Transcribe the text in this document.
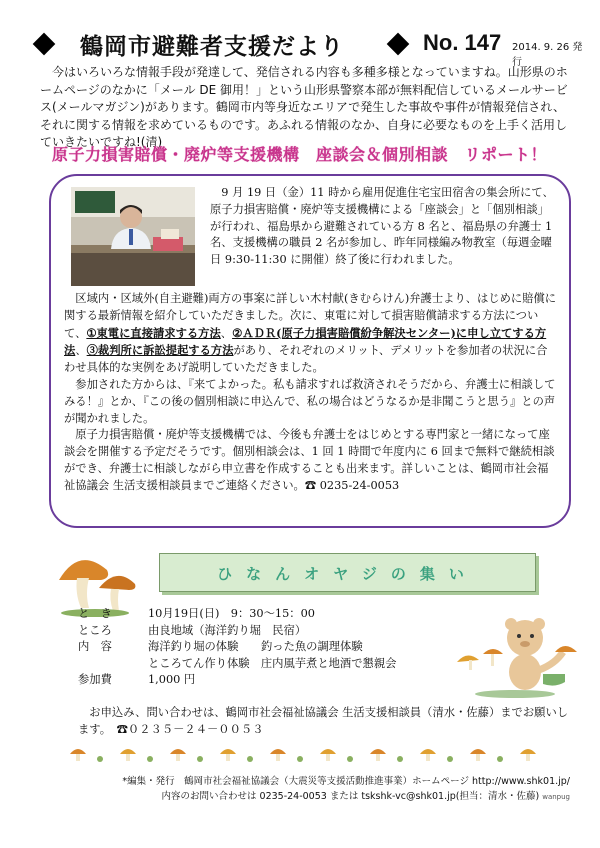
鶴岡市避難者支援だより	No. 147 2014. 9. 26 発行
今はいろいろな情報手段が発達して、発信される内容も多種多様となっていますね。山形県のホームページのなかに「メール DE 御用！」という山形県警察本部が無料配信しているメールサービス(メールマガジン)があります。鶴岡市内等身近なエリアで発生した事故や事件が情報発信され、それに関する情報を求めているものです。あふれる情報のなか、自身に必要なものを上手く活用していきたいですね!(清)
原子力損害賠償・廃炉等支援機構　座談会＆個別相談　リポート！
9 月 19 日（金）11 時から雇用促進住宅宝田宿舎の集会所にて、原子力損害賠償・廃炉等支援機構による「座談会」と「個別相談」が行われ、福島県から避難されている方 8 名と、福島県の弁護士 1 名、支援機構の職員 2 名が参加し、昨年同様編み物教室（毎週金曜日 9:30-11:30 に開催）終了後に行われました。

区域内・区域外(自主避難)両方の事案に詳しい木村献(きむらけん)弁護士より、はじめに賠償に関する最新情報を紹介していただきました。次に、東電に対して損害賠償請求する方法について、①東電に直接請求する方法、②ＡＤＲ(原子力損害賠償紛争解決センター)に申し立てする方法、③裁判所に訴訟提起する方法があり、それぞれのメリット、デメリットを参加者の状況に合わせ具体的な実例をあげ説明していただきました。

参加された方からは、『来てよかった。私も請求すれば救済されそうだから、弁護士に相談してみる！』とか、『この後の個別相談に申込んで、私の場合はどうなるか是非聞こうと思う』との声が聞かれました。

原子力損害賠償・廃炉等支援機構では、今後も弁護士をはじめとする専門家と一緒になって座談会を開催する予定だそうです。個別相談会は、1 回 1 時間で年度内に 6 回まで無料で継続相談ができ、弁護士に相談しながら申立書を作成することも出来ます。詳しいことは、鶴岡市社会福祉協議会 生活支援相談員までご連絡ください。☎ 0235-24-0053

ひなんオヤジの集い
と　き	10月19日(日)　9：30～15：00
ところ	由良地域（海洋釣り堀　民宿）
内　容	海洋釣り堀の体験　　釣った魚の調理体験
ところてん作り体験　庄内風芋煮と地酒で懇親会
参加費	1,000 円
お申込み、問い合わせは、鶴岡市社会福祉協議会 生活支援相談員（清水・佐藤）までお願いします。　☎０２３５－２４－００５３
*編集・発行　鶴岡市社会福祉協議会（大震災等支援活動推進事業）ホームページ http://www.shk01.jp/
内容のお問い合わせは 0235-24-0053 または tskshk-vc@shk01.jp(担当：清水・佐藤) wanpug
